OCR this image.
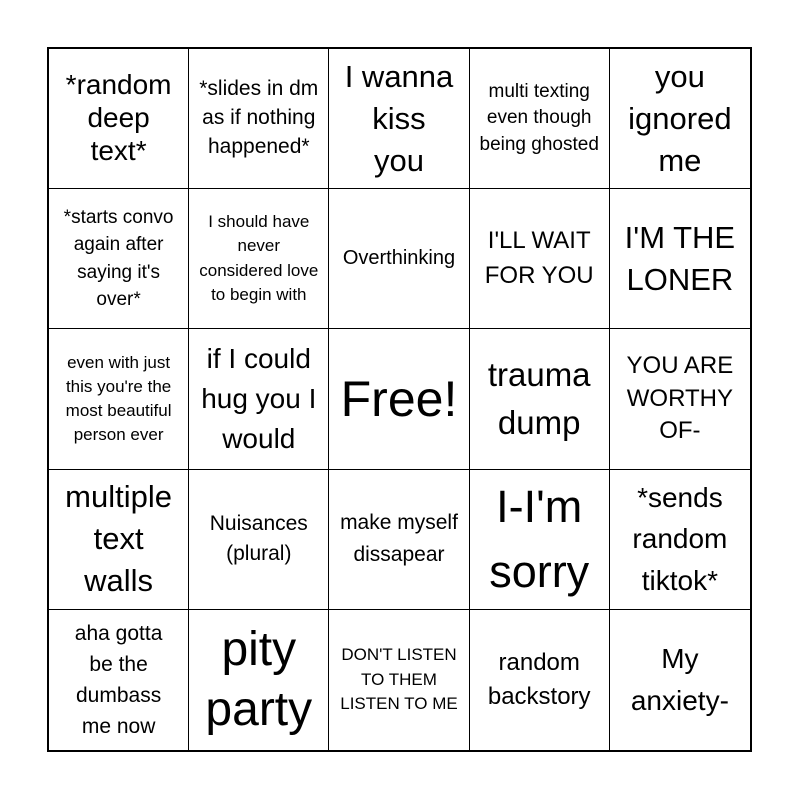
*random deep text*
*slides in dm as if nothing happened*
I wanna kiss you
multi texting even though being ghosted
you ignored me
*starts convo again after saying it's over*
I should have never considered love to begin with
Overthinking
I'LL WAIT FOR YOU
I'M THE LONER
even with just this you're the most beautiful person ever
if I could hug you I would
Free! trauma dump
YOU ARE WORTHY OF-
multiple text walls
Nuisances (plural)
make myself dissapear
I-I'm sorry
*sends random tiktok*
aha gotta be the dumbass me now
pity party
DON'T LISTEN TO THEM LISTEN TO ME
random backstory
My anxiety-
